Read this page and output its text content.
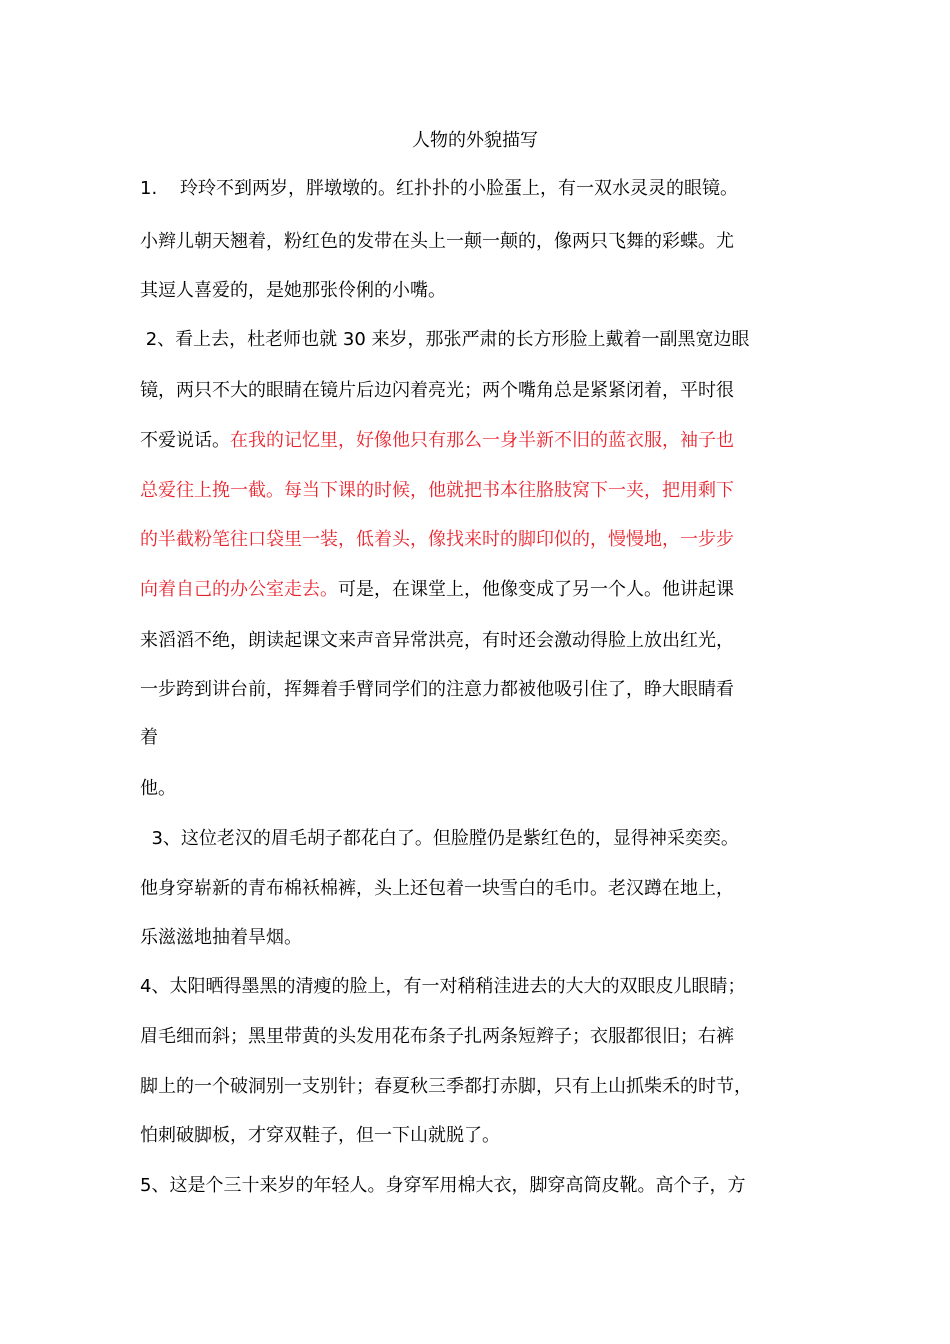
人物的外貌描写
1.    玲玲不到两岁，胖墩墩的。红扑扑的小脸蛋上，有一双水灵灵的眼镜。
小辫儿朝天翘着，粉红色的发带在头上一颠一颠的，像两只飞舞的彩蝶。尤
其逗人喜爱的，是她那张伶俐的小嘴。
2、看上去，杜老师也就 30 来岁，那张严肃的长方形脸上戴着一副黑宽边眼
镜，两只不大的眼睛在镜片后边闪着亮光；两个嘴角总是紧紧闭着，平时很
不爱说话。在我的记忆里，好像他只有那么一身半新不旧的蓝衣服，袖子也
总爱往上挽一截。每当下课的时候，他就把书本往胳肢窝下一夹，把用剩下
的半截粉笔往口袋里一装，低着头，像找来时的脚印似的，慢慢地，一步步
向着自己的办公室走去。可是，在课堂上，他像变成了另一个人。他讲起课
来滔滔不绝，朗读起课文来声音异常洪亮，有时还会激动得脸上放出红光，
一步跨到讲台前，挥舞着手臂同学们的注意力都被他吸引住了，睁大眼睛看
着
他。
3、这位老汉的眉毛胡子都花白了。但脸膛仍是紫红色的，显得神采奕奕。
他身穿崭新的青布棉袄棉裤，头上还包着一块雪白的毛巾。老汉蹲在地上，
乐滋滋地抽着旱烟。
4、太阳晒得墨黑的清瘦的脸上，有一对稍稍洼进去的大大的双眼皮儿眼睛；
眉毛细而斜；黑里带黄的头发用花布条子扎两条短辫子；衣服都很旧；右裤
脚上的一个破洞别一支别针；春夏秋三季都打赤脚，只有上山抓柴禾的时节，
怕刺破脚板，才穿双鞋子，但一下山就脱了。
5、这是个三十来岁的年轻人。身穿军用棉大衣，脚穿高筒皮靴。高个子，方
